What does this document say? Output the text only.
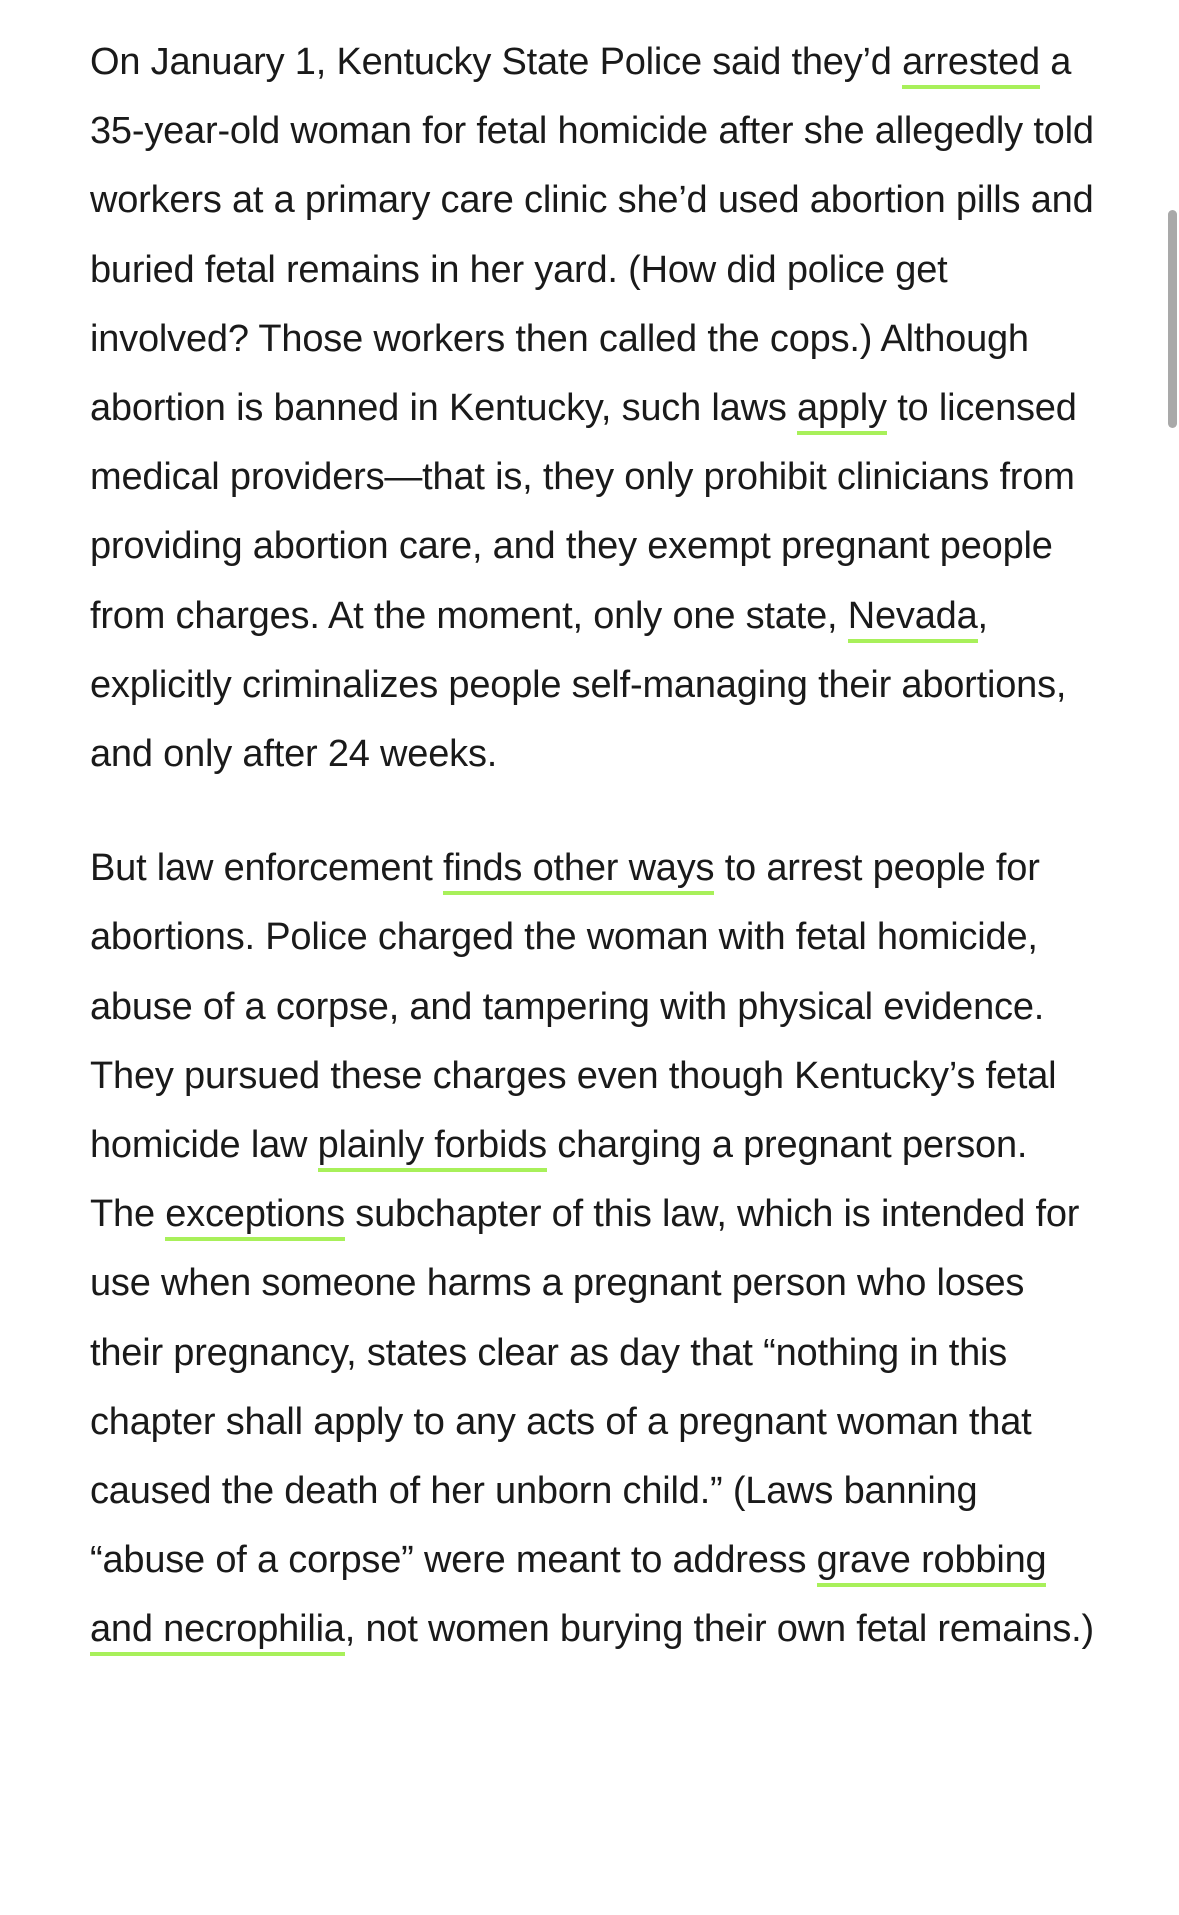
On January 1, Kentucky State Police said they’d arrested a 35-year-old woman for fetal homicide after she allegedly told workers at a primary care clinic she’d used abortion pills and buried fetal remains in her yard. (How did police get involved? Those workers then called the cops.) Although abortion is banned in Kentucky, such laws apply to licensed medical providers—that is, they only prohibit clinicians from providing abortion care, and they exempt pregnant people from charges. At the moment, only one state, Nevada, explicitly criminalizes people self-managing their abortions, and only after 24 weeks.

But law enforcement finds other ways to arrest people for abortions. Police charged the woman with fetal homicide, abuse of a corpse, and tampering with physical evidence. They pursued these charges even though Kentucky’s fetal homicide law plainly forbids charging a pregnant person. The exceptions subchapter of this law, which is intended for use when someone harms a pregnant person who loses their pregnancy, states clear as day that “nothing in this chapter shall apply to any acts of a pregnant woman that caused the death of her unborn child.” (Laws banning “abuse of a corpse” were meant to address grave robbing and necrophilia, not women burying their own fetal remains.)
